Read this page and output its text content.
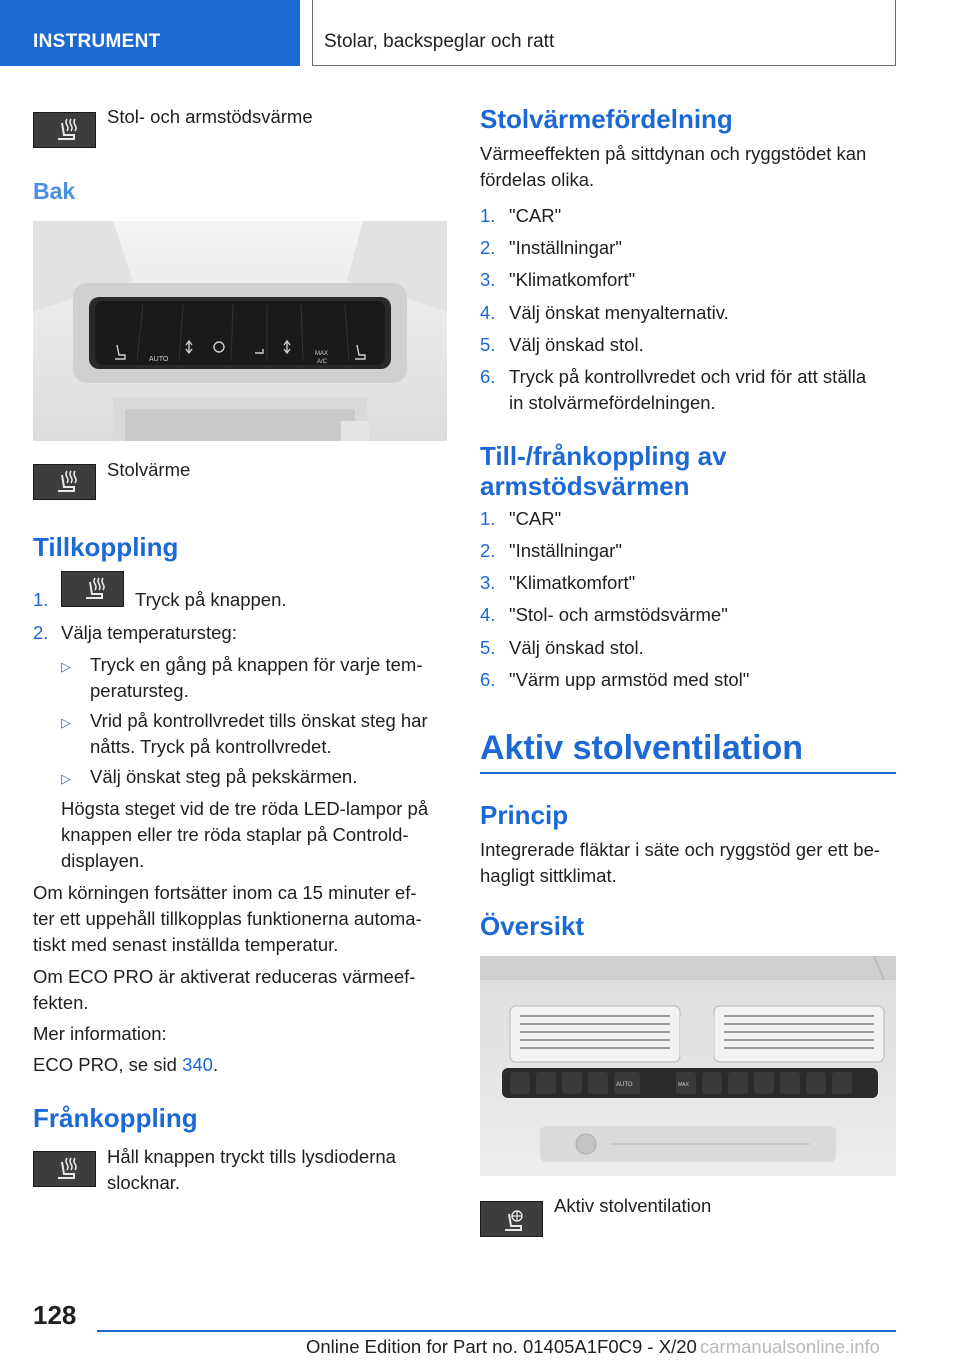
INSTRUMENT	Stolar, backspeglar och ratt
Stol- och armstödsvärme
Bak
AUTO
MAX
A/C
Stolvärme
Tillkoppling
1.	Tryck på knappen.
2. Välja temperatursteg:
▷ Tryck en gång på knappen för varje tem-
peratursteg.
▷ Vrid på kontrollvredet tills önskat steg har
nåtts. Tryck på kontrollvredet.
▷ Välj önskat steg på pekskärmen.
Högsta steget vid de tre röda LED-lampor på
knappen eller tre röda staplar på Controld-
displayen.
Om körningen fortsätter inom ca 15 minuter ef-
ter ett uppehåll tillkopplas funktionerna automa-
tiskt med senast inställda temperatur.
Om ECO PRO är aktiverat reduceras värmeef-
fekten.
Mer information:
ECO PRO, se sid 340.
Frånkoppling
Håll knappen tryckt tills lysdioderna
slocknar.
Stolvärmefördelning
Värmeeffekten på sittdynan och ryggstödet kan
fördelas olika.
1. "CAR"
2. "Inställningar"
3. "Klimatkomfort"
4. Välj önskat menyalternativ.
5. Välj önskad stol.
6. Tryck på kontrollvredet och vrid för att ställa
in stolvärmefördelningen.
Till-/frånkoppling av
armstödsvärmen
1. "CAR"
2. "Inställningar"
3. "Klimatkomfort"
4. "Stol- och armstödsvärme"
5. Välj önskad stol.
6. "Värm upp armstöd med stol"
Aktiv stolventilation
Princip
Integrerade fläktar i säte och ryggstöd ger ett be-
hagligt sittklimat.
Översikt
AUTO	MAX
Aktiv stolventilation
128
Online Edition for Part no. 01405A1F0C9 - X/20 carmanualsonline.info
